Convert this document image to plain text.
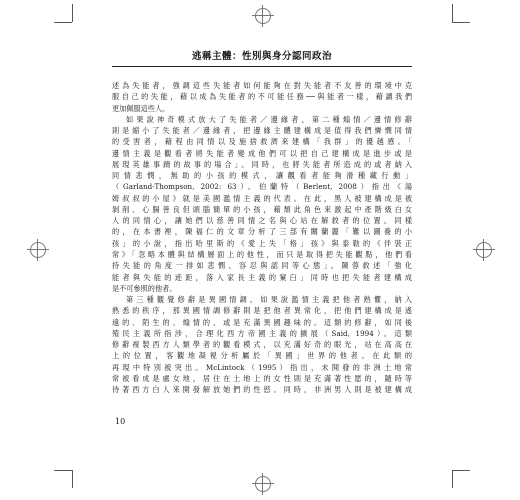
逃稱主體：性別與身分認同政治
述為失能者，強調這些失能者如何能夠在對失能者不友善的環境中克
服自己的失能，藉以成為失能者的不可能任務──與能者一樣，藉讀我們
更加佩服這些人。
如果說神奇模式放大了失能者／邊緣者，第二種煽情／邊情修辭
則是縮小了失能者／邊緣者，把邊緣主體建構成是值得我們憐憫同情
的受害者，藉程由同情以及施捨救濟來建構「我群」的優越感。「
邊情主義是觀看者將失能者變成他們可以把自己建構成是進步或是
展現英雄事蹟的故事的場合」。同時，也將失能者所造成的或者納入
同情悲憫，無助的小孩的模式，讓觀看者能夠滑種藏行動」
（Garland-Thompson, 2002: 63）。伯蘭特（Berlent, 2008）指出《湯
姆叔叔的小屋》就是美國濫情主義的代表。在此，黑人被建構成是被
剝削、心腸善良但頭腦簡單的小孩，藉頹此角色來激起中產階級白女
人的同情心，讓她們以慈善同情之名與心站在解救者的位置。同樣
的，在本書裡，陳福仁的文章分析了三部有關蘭麗「難以圖養的小
孩」的小說，指出哈里斯的《愛上失「格」孩》與泰勒的《伴裝正
常》「忽略本體與結構層面上的他性，而只是取得把失能觀點，他們看
持失能的角度一排如悲憫、容忍與認同等心態」。陳蓉救述「強化
能者與失能的迹距，落入家長主義的窠臼」同時也把失能者建構成
是不可參照的他者。
第三種觀覺修辭是異國情調。如果說濫情主義把他者熟懼，納入
熟悉的秩序，那異國情調修辭則是把他者異常化，把他們建構成是遙
遠的、陌生的、煽情的、或是充滿異國趣味的。這類的修辭，如同後
殖民主義所指涉，合理化西方帝國主義的擴展（Said, 1994）。這類
修辭複製西方人類學者的觀看模式，以充滿好奇的眼光，站在高高在
上的位置，客觀地凝視分析屬於「異國」世界的他者。在此類的
再現中特別被突出。McLintock（1995）指出，未開發的非洲土地常
常被看成是處女地，居住在土地上的女性則是充滿著性愿的，隨時等
待著西方白人來開發解放她們的性慾。同時，非洲男人則是被建構成
10
